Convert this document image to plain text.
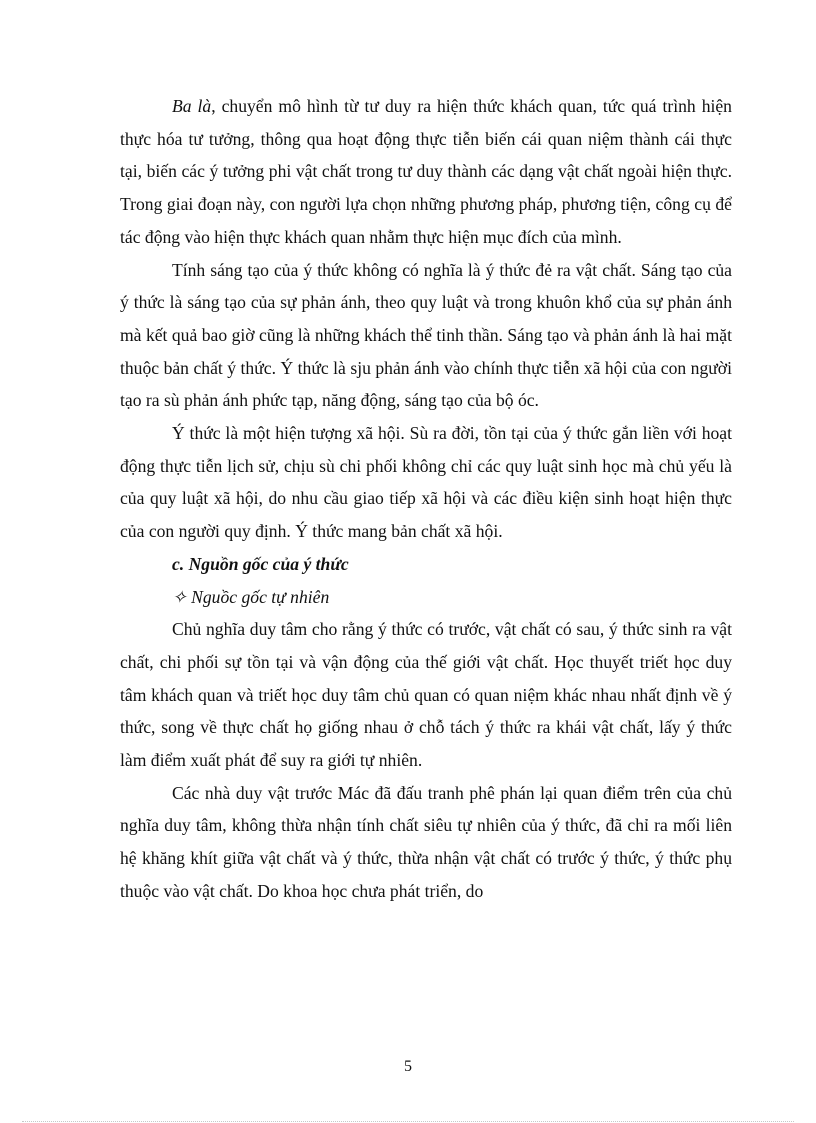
Ba là, chuyển mô hình từ tư duy ra hiện thức khách quan, tức quá trình hiện thực hóa tư tưởng, thông qua hoạt động thực tiễn biến cái quan niệm thành cái thực tại, biến các ý tưởng phi vật chất trong tư duy thành các dạng vật chất ngoài hiện thực. Trong giai đoạn này, con người lựa chọn những phương pháp, phương tiện, công cụ để tác động vào hiện thực khách quan nhằm thực hiện mục đích của mình.

Tính sáng tạo của ý thức không có nghĩa là ý thức đẻ ra vật chất. Sáng tạo của ý thức là sáng tạo của sự phản ánh, theo quy luật và trong khuôn khổ của sự phản ánh mà kết quả bao giờ cũng là những khách thể tinh thần. Sáng tạo và phản ánh là hai mặt thuộc bản chất ý thức. Ý thức là sju phản ánh vào chính thực tiễn xã hội của con người tạo ra sù phản ánh phức tạp, năng động, sáng tạo của bộ óc.

Ý thức là một hiện tượng xã hội. Sù ra đời, tồn tại của ý thức gắn liền với hoạt động thực tiễn lịch sử, chịu sù chi phối không chỉ các quy luật sinh học mà chủ yếu là của quy luật xã hội, do nhu cầu giao tiếp xã hội và các điều kiện sinh hoạt hiện thực của con người quy định. Ý thức mang bản chất xã hội.

c. Nguồn gốc của ý thức

✧ Nguồc gốc tự nhiên

Chủ nghĩa duy tâm cho rằng ý thức có trước, vật chất có sau, ý thức sinh ra vật chất, chi phối sự tồn tại và vận động của thế giới vật chất. Học thuyết triết học duy tâm khách quan và triết học duy tâm chủ quan có quan niệm khác nhau nhất định về ý thức, song về thực chất họ giống nhau ở chỗ tách ý thức ra khái vật chất, lấy ý thức làm điểm xuất phát để suy ra giới tự nhiên.

Các nhà duy vật trước Mác đã đấu tranh phê phán lại quan điểm trên của chủ nghĩa duy tâm, không thừa nhận tính chất siêu tự nhiên của ý thức, đã chỉ ra mối liên hệ khăng khít giữa vật chất và ý thức, thừa nhận vật chất có trước ý thức, ý thức phụ thuộc vào vật chất. Do khoa học chưa phát triển, do

5
